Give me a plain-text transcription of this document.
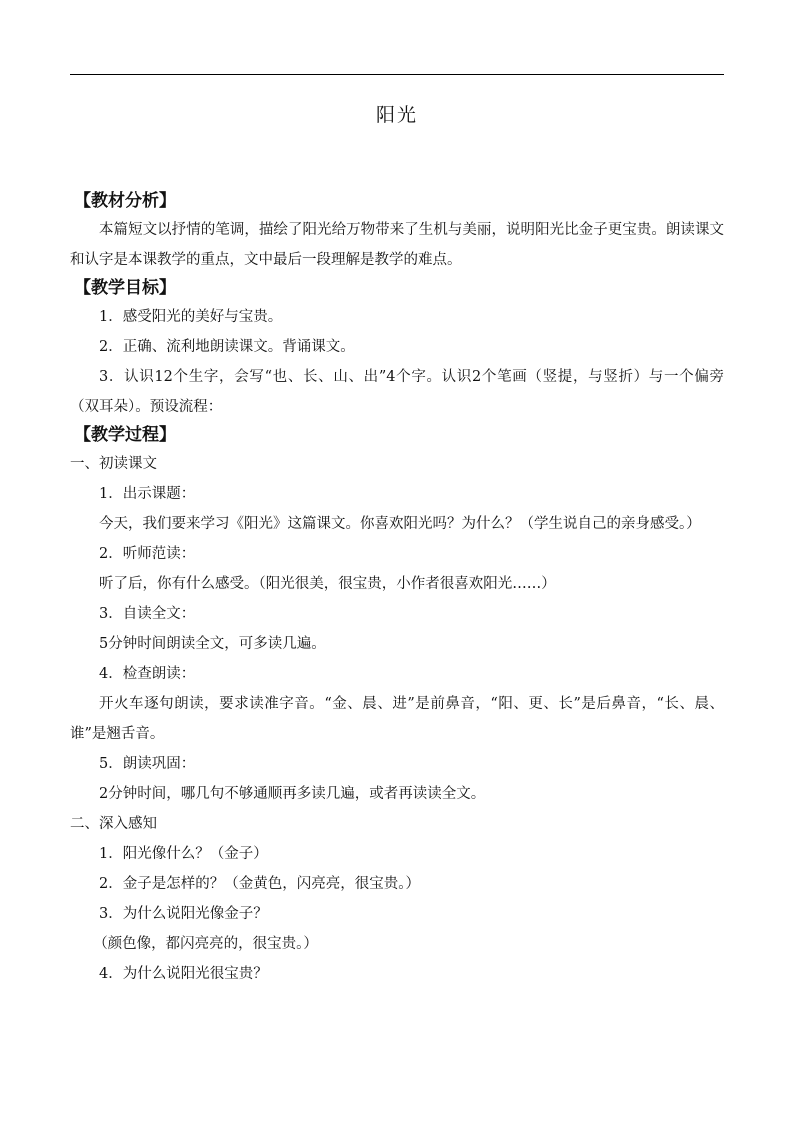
阳光
【教材分析】
本篇短文以抒情的笔调，描绘了阳光给万物带来了生机与美丽，说明阳光比金子更宝贵。朗读课文和认字是本课教学的重点，文中最后一段理解是教学的难点。
【教学目标】
1．感受阳光的美好与宝贵。
2．正确、流利地朗读课文。背诵课文。
3．认识12个生字，会写“也、长、山、出”4个字。认识2个笔画（竖提，与竖折）与一个偏旁（双耳朵）。预设流程：
【教学过程】
一、初读课文
1．出示课题：
今天，我们要来学习《阳光》这篇课文。你喜欢阳光吗？为什么？（学生说自己的亲身感受。）
2．听师范读：
听了后，你有什么感受。（阳光很美，很宝贵，小作者很喜欢阳光……）
3．自读全文：
5分钟时间朗读全文，可多读几遍。
4．检查朗读：
开火车逐句朗读，要求读准字音。“金、晨、进”是前鼻音，“阳、更、长”是后鼻音，“长、晨、谁”是翘舌音。
5．朗读巩固：
2分钟时间，哪几句不够通顺再多读几遍，或者再读读全文。
二、深入感知
1．阳光像什么？（金子）
2．金子是怎样的？（金黄色，闪亮亮，很宝贵。）
3．为什么说阳光像金子？
（颜色像，都闪亮亮的，很宝贵。）
4．为什么说阳光很宝贵？
